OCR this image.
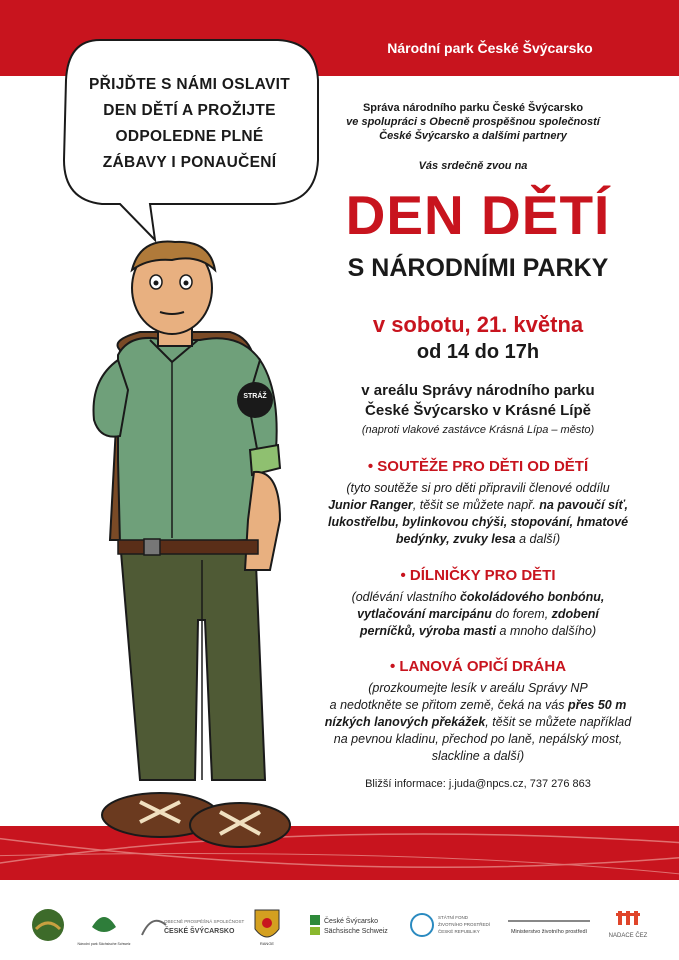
Národní park České Švýcarsko
PŘIJĎTE S NÁMI OSLAVIT
DEN DĚTÍ A PROŽIJTE
ODPOLEDNE PLNÉ
ZÁBAVY I PONAUČENÍ
STRÁŽ
Správa národního parku České Švýcarsko
ve spolupráci s Obecně prospěšnou společností
České Švýcarsko a dalšími partnery
Vás srdečně zvou na
DEN DĚTÍ
S NÁRODNÍMI PARKY
v sobotu, 21. května
od 14 do 17h
v areálu Správy národního parku
České Švýcarsko v Krásné Lípě
(naproti vlakové zastávce Krásná Lípa – město)
• SOUTĚŽE PRO DĚTI OD DĚTÍ
(tyto soutěže si pro děti připravili členové oddílu
Junior Ranger, těšit se můžete např. na pavoučí síť,
lukostřelbu, bylinkovou chýši, stopování, hmatové
bedýnky, zvuky lesa a další)
• DÍLNIČKY PRO DĚTI
(odlévání vlastního čokoládového bonbónu,
vytlačování marcipánu do forem, zdobení
perníčků, výroba masti a mnoho dalšího)
• LANOVÁ OPIČÍ DRÁHA
(prozkoumejte lesík v areálu Správy NP
a nedotkněte se přitom země, čeká na vás přes 50 m
nízkých lanových překážek, těšit se můžete například
na pevnou kladinu, přechod po laně, nepálský most,
slackline a další)
Bližší informace: j.juda@npcs.cz, 737 276 863
Národní park Sächsische Schweiz
OBECNĚ PROSPĚŠNÁ SPOLEČNOST
ČESKÉ ŠVÝCARSKO
RANGE
České Švýcarsko
Sächsische Schweiz
STÁTNÍ FOND
ŽIVOTNÍHO PROSTŘEDÍ
ČESKÉ REPUBLIKY	Ministerstvo životního prostředí
NADACE ČEZ
